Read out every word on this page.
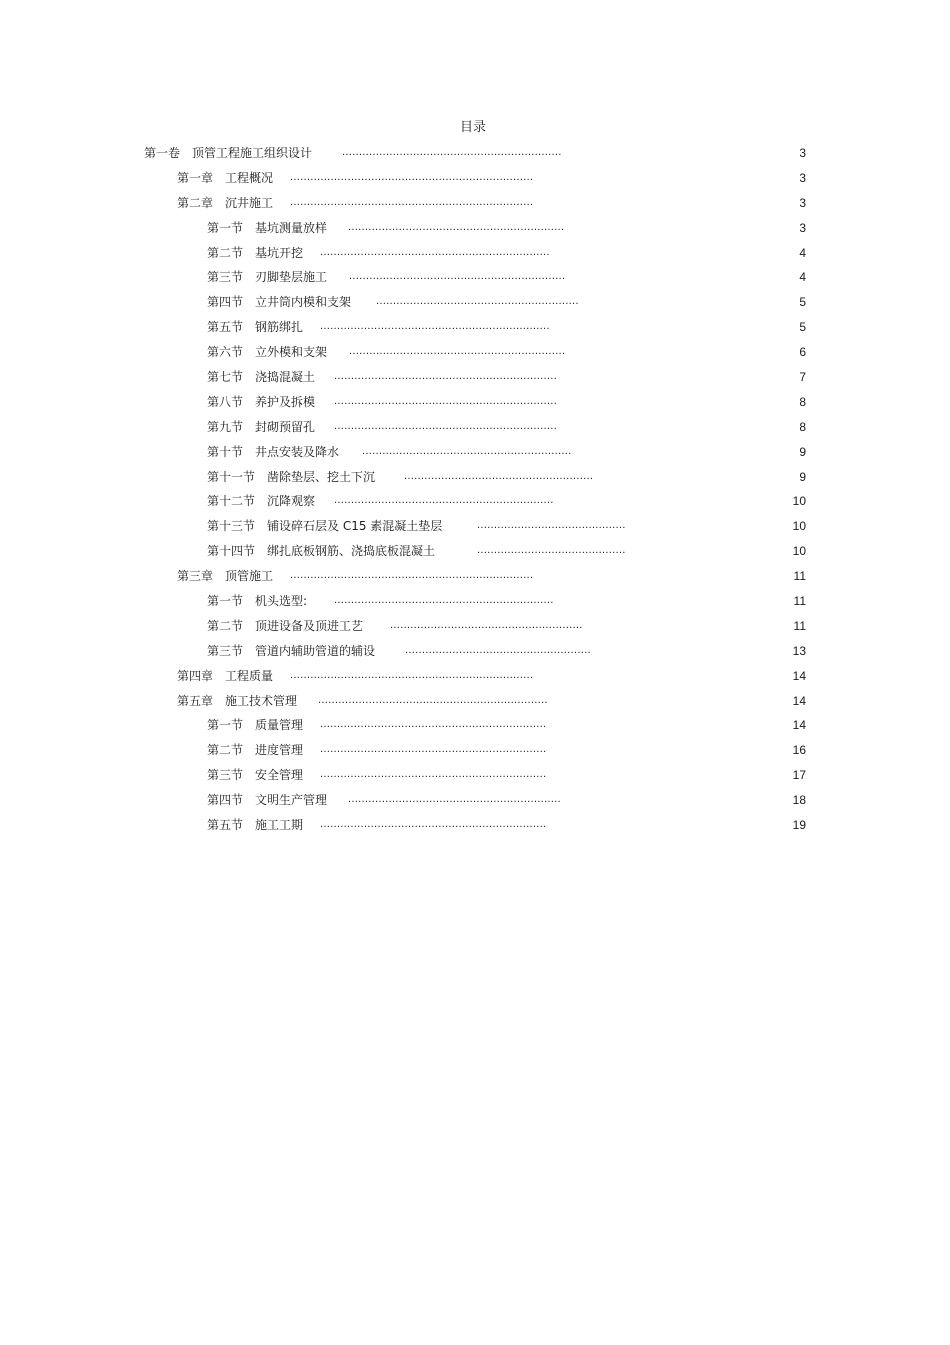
目录
第一卷 顶管工程施工组织设计	.................................................................	3
第一章 工程概况 ........................................................................	3
第二章 沉井施工 ........................................................................	3
第一节 基坑测量放样 ................................................................	3
第二节 基坑开挖 ....................................................................	4
第三节 刃脚垫层施工 ................................................................	4
第四节 立井筒内模和支架 ............................................................	5
第五节 钢筋绑扎 ....................................................................	5
第六节 立外模和支架 ................................................................	6
第七节 浇捣混凝土 ..................................................................	7
第八节 养护及拆模 ..................................................................	8
第九节 封砌预留孔 ..................................................................	8
第十节 井点安装及降水 ..............................................................	9
第十一节 凿除垫层、挖土下沉	........................................................	9
第十二节 沉降观察 .................................................................	10
第十三节 铺设碎石层及 C15 素混凝土垫层	............................................	10
第十四节 绑扎底板钢筋、浇捣底板混凝土	............................................	10
第三章 顶管施工 ........................................................................	11
第一节 机头选型:	.................................................................	11
第二节 顶进设备及顶进工艺	.........................................................	11
第三节 管道内辅助管道的辅设	.......................................................	13
第四章 工程质量 ........................................................................	14
第五章 施工技术管理 ....................................................................	14
第一节 质量管理 ...................................................................	14
第二节 进度管理 ...................................................................	16
第三节 安全管理 ...................................................................	17
第四节 文明生产管理 ...............................................................	18
第五节 施工工期 ...................................................................	19
